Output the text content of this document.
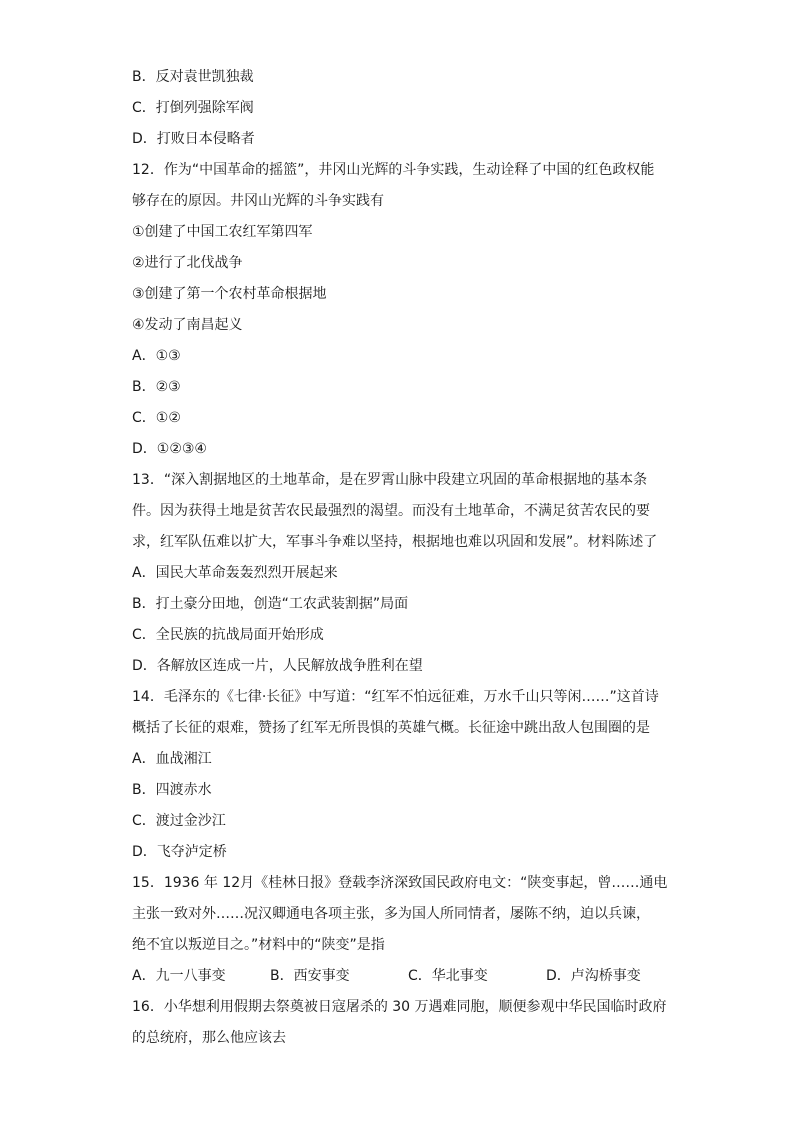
B．反对袁世凯独裁
C．打倒列强除军阀
D．打败日本侵略者
12．作为“中国革命的摇篮”，井冈山光辉的斗争实践，生动诠释了中国的红色政权能
够存在的原因。井冈山光辉的斗争实践有
①创建了中国工农红军第四军
②进行了北伐战争
③创建了第一个农村革命根据地
④发动了南昌起义
A．①③
B．②③
C．①②
D．①②③④
13．“深入割据地区的土地革命，是在罗霄山脉中段建立巩固的革命根据地的基本条
件。因为获得土地是贫苦农民最强烈的渴望。而没有土地革命，不满足贫苦农民的要
求，红军队伍难以扩大，军事斗争难以坚持，根据地也难以巩固和发展”。材料陈述了
A．国民大革命轰轰烈烈开展起来
B．打土豪分田地，创造“工农武装割据”局面
C．全民族的抗战局面开始形成
D．各解放区连成一片，人民解放战争胜利在望
14．毛泽东的《七律·长征》中写道：“红军不怕远征难，万水千山只等闲……”这首诗
概括了长征的艰难，赞扬了红军无所畏惧的英雄气概。长征途中跳出敌人包围圈的是
A．血战湘江
B．四渡赤水
C．渡过金沙江
D．飞夺泸定桥
15．1936 年 12月《桂林日报》登载李济深致国民政府电文：“陕变事起，曾……通电
主张一致对外……况汉卿通电各项主张，多为国人所同情者，屡陈不纳，迫以兵谏，
绝不宜以叛逆目之。”材料中的“陕变”是指
A．九一八事变	B．西安事变	C．华北事变	D．卢沟桥事变
16．小华想利用假期去祭奠被日寇屠杀的 30 万遇难同胞，顺便参观中华民国临时政府
的总统府，那么他应该去
